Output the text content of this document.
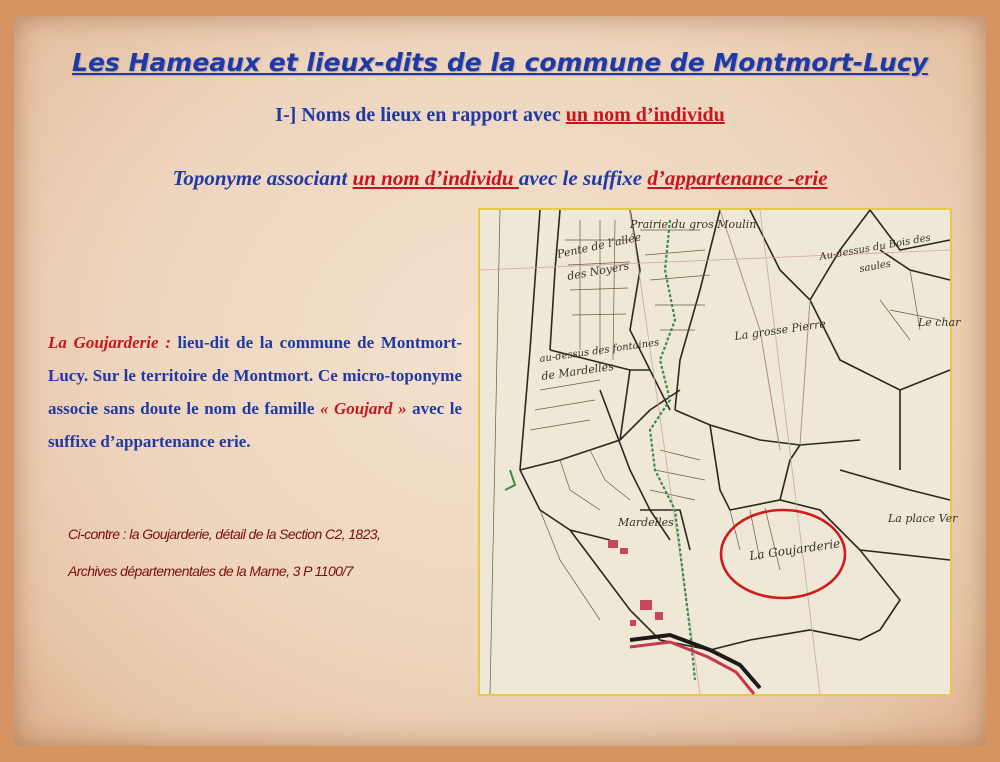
Les Hameaux et lieux-dits de la commune de Montmort-Lucy
I-] Noms de lieux en rapport avec un nom d’individu
Toponyme associant un nom d’individu avec le suffixe d’appartenance -erie
La Goujarderie : lieu-dit de la commune de Montmort-Lucy. Sur le territoire de Montmort. Ce micro-toponyme associe sans doute le nom de famille « Goujard » avec le suffixe d’appartenance erie.
Ci-contre : la Goujarderie, détail de la Section C2, 1823,
Archives départementales de la Marne, 3 P 1100/7
Prairie du gros Moulin
Pente de l’allée
des Noyers
Au-dessus du Bois des
saules
La grosse Pierre	Le char
au-dessus des fontaines
de Mardelles
Mardelles
La Goujarderie
La place Ver
